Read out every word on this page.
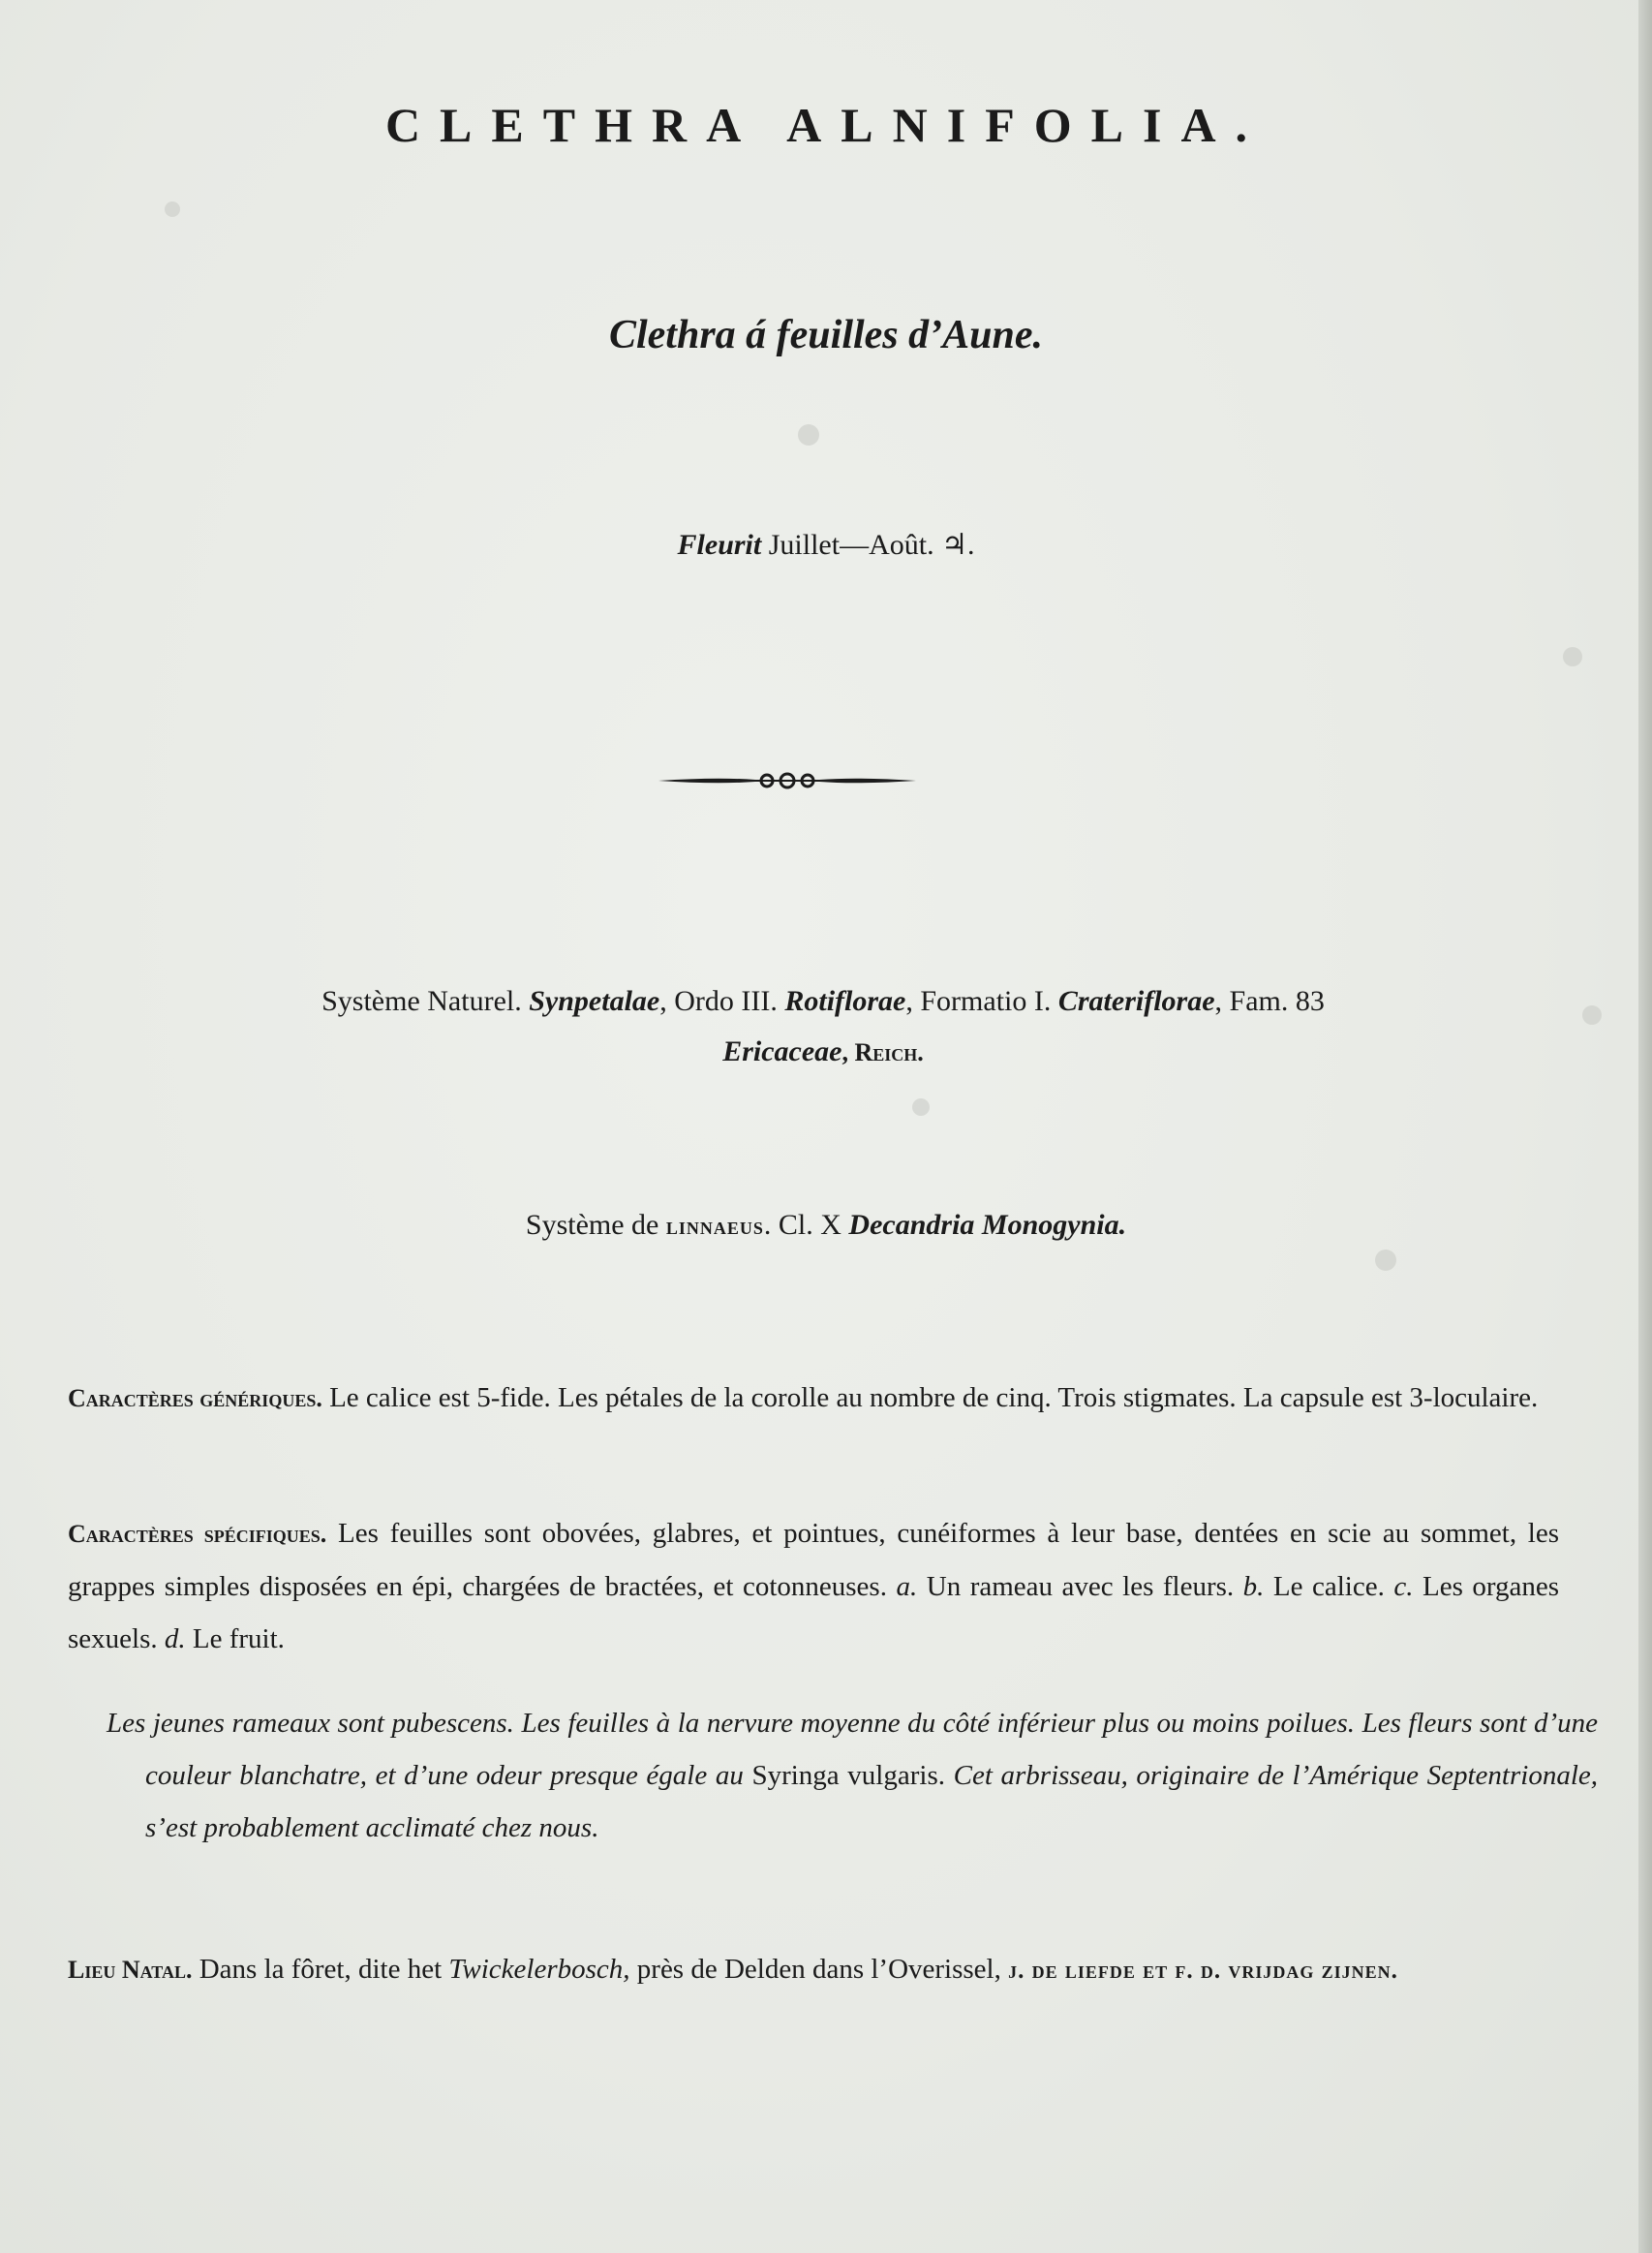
CLETHRA ALNIFOLIA.
Clethra á feuilles d’Aune.
Fleurit Juillet—Août. ♃.
Système Naturel. Synpetalae, Ordo III. Rotiflorae, Formatio I. Crateriflorae, Fam. 83
Ericaceae, Reich.
Système de linnaeus. Cl. X Decandria Monogynia.
Caractères génériques. Le calice est 5-fide. Les pétales de la corolle au nombre de cinq. Trois stigmates. La capsule est 3-loculaire.
Caractères spécifiques. Les feuilles sont obovées, glabres, et pointues, cunéiformes à leur base, dentées en scie au sommet, les grappes simples disposées en épi, chargées de bractées, et cotonneuses. a. Un rameau avec les fleurs. b. Le calice. c. Les organes sexuels. d. Le fruit.
Les jeunes rameaux sont pubescens. Les feuilles à la nervure moyenne du côté inférieur plus ou moins poilues. Les fleurs sont d’une couleur blanchatre, et d’une odeur presque égale au Syringa vulgaris. Cet arbrisseau, originaire de l’Amérique Septentrionale, s’est probablement acclimaté chez nous.
Lieu Natal. Dans la fôret, dite het Twickelerbosch, près de Delden dans l’Overissel, j. de liefde et f. d. vrijdag zijnen.
